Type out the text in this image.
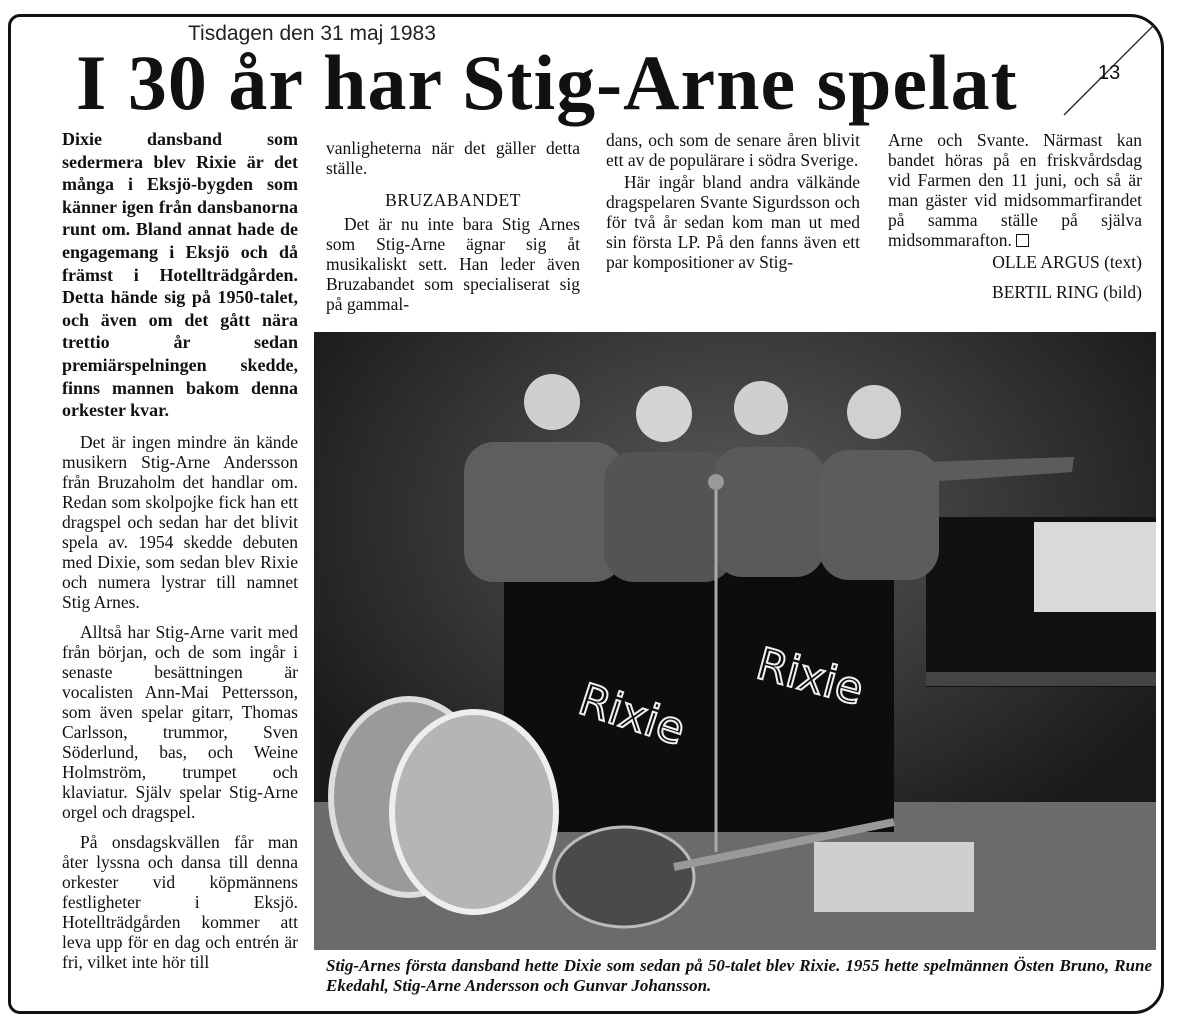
Tisdagen den 31 maj 1983
I 30 år har Stig-Arne spelat	13

Dixie dansband som sedermera blev Rixie är det många i Eksjö-bygden som känner igen från dansbanorna runt om. Bland annat hade de engagemang i Eksjö och då främst i Hotellträdgården. Detta hände sig på 1950-talet, och även om det gått nära trettio år sedan premiärspelningen skedde, finns mannen bakom denna orkester kvar.

Det är ingen mindre än kände musikern Stig-Arne Andersson från Bruzaholm det handlar om. Redan som skolpojke fick han ett dragspel och sedan har det blivit spela av. 1954 skedde debuten med Dixie, som sedan blev Rixie och numera lystrar till namnet Stig Arnes.

Alltså har Stig-Arne varit med från början, och de som ingår i senaste besättningen är vocalisten Ann-Mai Pettersson, som även spelar gitarr, Thomas Carlsson, trummor, Sven Söderlund, bas, och Weine Holmström, trumpet och klaviatur. Själv spelar Stig-Arne orgel och dragspel.

På onsdagskvällen får man åter lyssna och dansa till denna orkester vid köpmännens festligheter i Eksjö. Hotellträdgården kommer att leva upp för en dag och entrén är fri, vilket inte hör till

vanligheterna när det gäller detta ställe.

BRUZABANDET

Det är nu inte bara Stig Arnes som Stig-Arne ägnar sig åt musikaliskt sett. Han leder även Bruzabandet som specialiserat sig på gammal-

dans, och som de senare åren blivit ett av de populärare i södra Sverige.

Här ingår bland andra välkände dragspelaren Svante Sigurdsson och för två år sedan kom man ut med sin första LP. På den fanns även ett par kompositioner av Stig-

Arne och Svante. Närmast kan bandet höras på en friskvårdsdag vid Farmen den 11 juni, och så är man gäster vid midsommarfirandet på samma ställe på själva midsommarafton.

OLLE ARGUS (text)

BERTIL RING (bild)

Rixie Rixie
Stig-Arnes första dansband hette Dixie som sedan på 50-talet blev Rixie. 1955 hette spelmännen Östen Bruno, Rune Ekedahl, Stig-Arne Andersson och Gunvar Johansson.
